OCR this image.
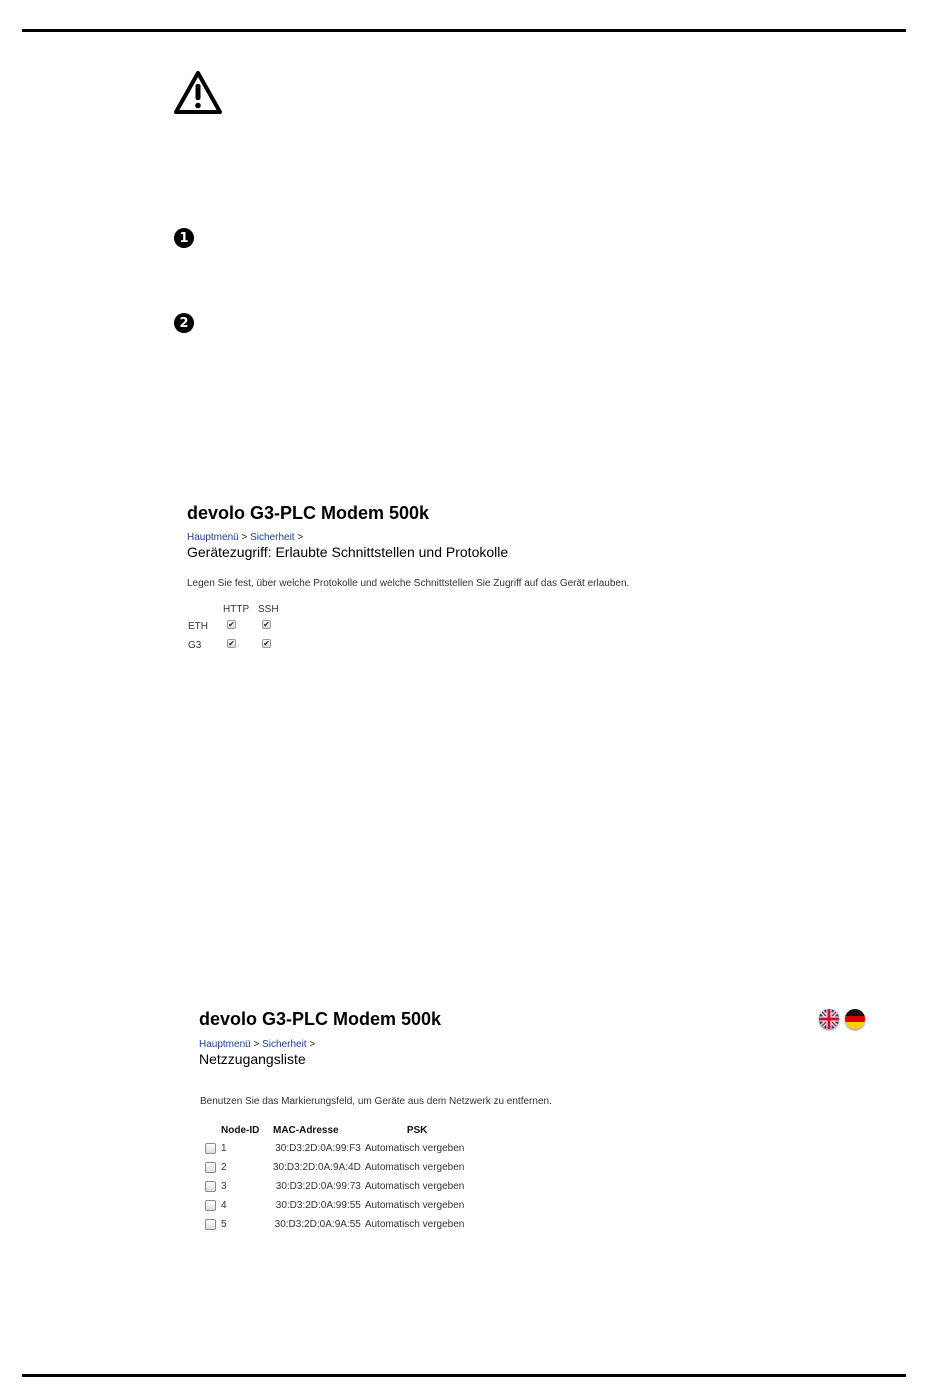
1
2
devolo G3-PLC Modem 500k
Hauptmenü > Sicherheit >
Gerätezugriff: Erlaubte Schnittstellen und Protokolle
Legen Sie fest, über welche Protokolle und welche Schnittstellen Sie Zugriff auf das Gerät erlauben.
HTTP SSH
ETH	✔	✔
G3	✔	✔
devolo G3-PLC Modem 500k
Hauptmenü > Sicherheit >
Netzzugangsliste
Benutzen Sie das Markierungsfeld, um Geräte aus dem Netzwerk zu entfernen.
	Node-ID	MAC-Adresse	PSK

	1	30:D3:2D:0A:99:F3	Automatisch vergeben

	2	30:D3:2D:0A:9A:4D	Automatisch vergeben

	3	30:D3:2D:0A:99:73	Automatisch vergeben

	4	30:D3:2D:0A:99:55	Automatisch vergeben

	5	30:D3:2D:0A:9A:55	Automatisch vergeben
